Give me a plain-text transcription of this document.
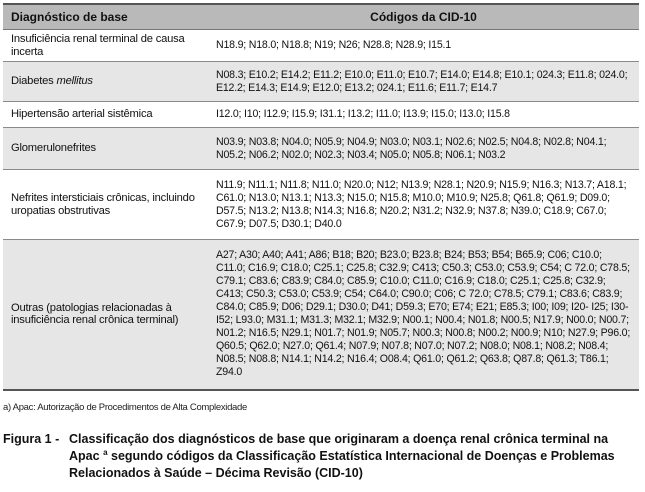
Diagnóstico de base	Códigos da CID-10
Insuficiência renal terminal de causa incerta	N18.9; N18.0; N18.8; N19; N26; N28.8; N28.9; I15.1
Diabetes mellitus	N08.3; E10.2; E14.2; E11.2; E10.0; E11.0; E10.7; E14.0; E14.8; E10.1; 024.3; E11.8; 024.0; E12.2; E14.3; E14.9; E12.0; E13.2; 024.1; E11.6; E11.7; E14.7
Hipertensão arterial sistêmica	I12.0; I10; I12.9; I15.9; I31.1; I13.2; I11.0; I13.9; I15.0; I13.0; I15.8
Glomerulonefrites	N03.9; N03.8; N04.0; N05.9; N04.9; N03.0; N03.1; N02.6; N02.5; N04.8; N02.8; N04.1; N05.2; N06.2; N02.0; N02.3; N03.4; N05.0; N05.8; N06.1; N03.2
Nefrites intersticiais crônicas, incluindo uropatias obstrutivas	N11.9; N11.1; N11.8; N11.0; N20.0; N12; N13.9; N28.1; N20.9; N15.9; N16.3; N13.7; A18.1; C61.0; N13.0; N13.1; N13.3; N15.0; N15.8; M10.0; M10.9; N25.8; Q61.8; Q61.9; D09.0; D57.5; N13.2; N13.8; N14.3; N16.8; N20.2; N31.2; N32.9; N37.8; N39.0; C18.9; C67.0; C67.9; D07.5; D30.1; D40.0
Outras (patologias relacionadas à insuficiência renal crônica terminal)	A27; A30; A40; A41; A86; B18; B20; B23.0; B23.8; B24; B53; B54; B65.9; C06; C10.0; C11.0; C16.9; C18.0; C25.1; C25.8; C32.9; C413; C50.3; C53.0; C53.9; C54; C 72.0; C78.5; C79.1; C83.6; C83.9; C84.0; C85.9; C10.0; C11.0; C16.9; C18.0; C25.1; C25.8; C32.9; C413; C50.3; C53.0; C53.9; C54; C64.0; C90.0; C06; C 72.0; C78.5; C79.1; C83.6; C83.9; C84.0; C85.9; D06; D29.1; D30.0; D41; D59.3; E70; E74; E21; E85.3; I00; I09; I20- I25; I30-I52; L93.0; M31.1; M31.3; M32.1; M32.9; N00.1; N00.4; N01.8; N00.5; N17.9; N00.0; N00.7; N01.2; N16.5; N29.1; N01.7; N01.9; N05.7; N00.3; N00.8; N00.2; N00.9; N10; N27.9; P96.0; Q60.5; Q62.0; N27.0; Q61.4; N07.9; N07.8; N07.0; N07.2; N08.0; N08.1; N08.2; N08.4; N08.5; N08.8; N14.1; N14.2; N16.4; O08.4; Q61.0; Q61.2; Q63.8; Q87.8; Q61.3; T86.1; Z94.0
a) Apac: Autorização de Procedimentos de Alta Complexidade
Figura 1 - Classificação dos diagnósticos de base que originaram a doença renal crônica terminal na Apac $^a$ segundo códigos da Classificação Estatística Internacional de Doenças e Problemas Relacionados à Saúde – Décima Revisão (CID-10)
